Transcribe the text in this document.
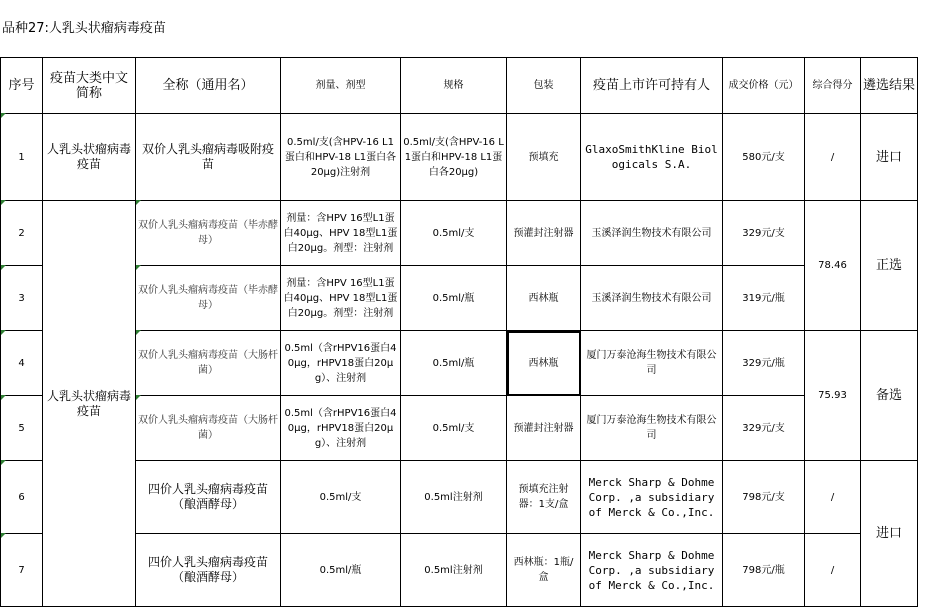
品种27:人乳头状瘤病毒疫苗
序号	疫苗大类中文简称	全称（通用名）	剂量、剂型	规格	包装	疫苗上市许可持有人	成交价格（元）	综合得分	遴选结果
1	人乳头状瘤病毒疫苗	双价人乳头瘤病毒吸附疫苗	0.5ml/支(含HPV-16 L1蛋白和HPV-18 L1蛋白各20μg)注射剂	0.5ml/支(含HPV-16 L1蛋白和HPV-18 L1蛋白各20μg)	预填充	GlaxoSmithKline Biologicals S.A.	580元/支	/	进口
2	人乳头状瘤病毒疫苗	双价人乳头瘤病毒疫苗（毕赤酵母）	剂量：含HPV 16型L1蛋白40μg、HPV 18型L1蛋白20μg。剂型：注射剂	0.5ml/支	预灌封注射器	玉溪泽润生物技术有限公司	329元/支	78.46	正选
3		双价人乳头瘤病毒疫苗（毕赤酵母）	剂量：含HPV 16型L1蛋白40μg、HPV 18型L1蛋白20μg。剂型：注射剂	0.5ml/瓶	西林瓶	玉溪泽润生物技术有限公司	319元/瓶		
4		双价人乳头瘤病毒疫苗（大肠杆菌）	0.5ml（含rHPV16蛋白40μg，rHPV18蛋白20μg）、注射剂	0.5ml/瓶	西林瓶	厦门万泰沧海生物技术有限公司	329元/瓶	75.93	备选
5		双价人乳头瘤病毒疫苗（大肠杆菌）	0.5ml（含rHPV16蛋白40μg，rHPV18蛋白20μg）、注射剂	0.5ml/支	预灌封注射器	厦门万泰沧海生物技术有限公司	329元/支		
6		四价人乳头瘤病毒疫苗（酿酒酵母）	0.5ml/支	0.5ml注射剂	预填充注射器：1支/盒	Merck Sharp & Dohme Corp. ,a subsidiary of Merck & Co.,Inc.	798元/支	/	进口
7		四价人乳头瘤病毒疫苗（酿酒酵母）	0.5ml/瓶	0.5ml注射剂	西林瓶：1瓶/盒	Merck Sharp & Dohme Corp. ,a subsidiary of Merck & Co.,Inc.	798元/瓶	/	
